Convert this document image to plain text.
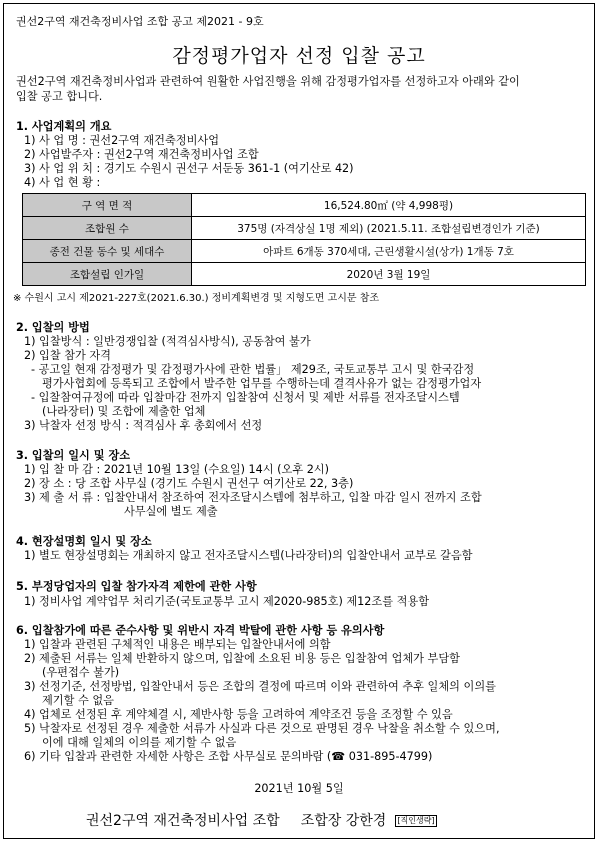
권선2구역 재건축정비사업 조합 공고 제2021 - 9호
감정평가업자 선정 입찰 공고
권선2구역 재건축정비사업과 관련하여 원활한 사업진행을 위해 감정평가업자를 선정하고자 아래와 같이
입찰 공고 합니다.
1. 사업계획의 개요
1) 사 업 명 : 권선2구역 재건축정비사업
2) 사업발주자 : 권선2구역 재건축정비사업 조합
3) 사 업 위 치 : 경기도 수원시 권선구 서둔동 361-1 (여기산로 42)
4) 사 업 현 황 :
구 역 면 적	16,524.80㎡ (약 4,998평)
조합원 수	375명 (자격상실 1명 제외) (2021.5.11. 조합설립변경인가 기준)
종전 건물 동수 및 세대수	아파트 6개동 370세대, 근린생활시설(상가) 1개동 7호
조합설립 인가일	2020년 3월 19일
※ 수원시 고시 제2021-227호(2021.6.30.) 정비계획변경 및 지형도면 고시문 참조
2. 입찰의 방법
1) 입찰방식 : 일반경쟁입찰 (적격심사방식), 공동참여 불가
2) 입찰 참가 자격
- 공고일 현재 감정평가 및 감정평가사에 관한 법률」 제29조, 국토교통부 고시 및 한국감정
평가사협회에 등록되고 조합에서 발주한 업무를 수행하는데 결격사유가 없는 감정평가업자
- 입찰참여규정에 따라 입찰마감 전까지 입찰참여 신청서 및 제반 서류를 전자조달시스템
(나라장터) 및 조합에 제출한 업체
3) 낙찰자 선정 방식 : 적격심사 후 총회에서 선정
3. 입찰의 일시 및 장소
1) 입 찰 마 감 : 2021년 10월 13일 (수요일) 14시 (오후 2시)
2) 장 소 : 당 조합 사무실 (경기도 수원시 권선구 여기산로 22, 3층)
3) 제 출 서 류 : 입찰안내서 참조하여 전자조달시스템에 첨부하고, 입찰 마감 일시 전까지 조합
사무실에 별도 제출
4. 현장설명회 일시 및 장소
1) 별도 현장설명회는 개최하지 않고 전자조달시스템(나라장터)의 입찰안내서 교부로 갈음함
5. 부정당업자의 입찰 참가자격 제한에 관한 사항
1) 정비사업 계약업무 처리기준(국토교통부 고시 제2020-985호) 제12조를 적용함
6. 입찰참가에 따른 준수사항 및 위반시 자격 박탈에 관한 사항 등 유의사항
1) 입찰과 관련된 구체적인 내용은 배부되는 입찰안내서에 의함
2) 제출된 서류는 일체 반환하지 않으며, 입찰에 소요된 비용 등은 입찰참여 업체가 부담함
(우편접수 불가)
3) 선정기준, 선정방법, 입찰안내서 등은 조합의 결정에 따르며 이와 관련하여 추후 일체의 이의를
제기할 수 없음
4) 업체로 선정된 후 계약체결 시, 제반사항 등을 고려하여 계약조건 등을 조정할 수 있음
5) 낙찰자로 선정된 경우 제출한 서류가 사실과 다른 것으로 판명된 경우 낙찰을 취소할 수 있으며,
이에 대해 일체의 이의를 제기할 수 없음
6) 기타 입찰과 관련한 자세한 사항은 조합 사무실로 문의바람 (☎ 031-895-4799)
2021년 10월 5일
권선2구역 재건축정비사업 조합 조합장 강한경 [직인생략]
